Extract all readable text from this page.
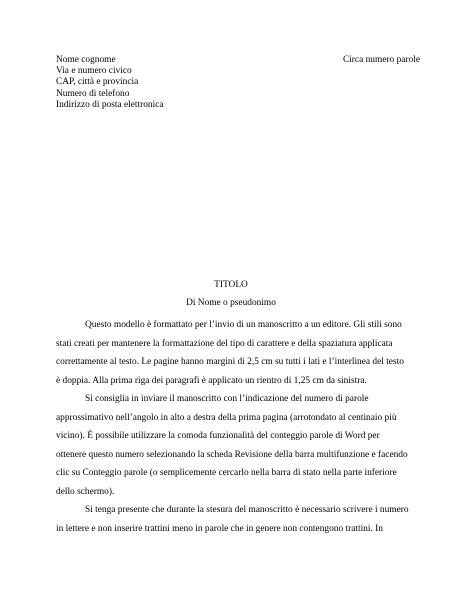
Nome cognome
Via e numero civico
CAP, città e provincia
Numero di telefono
Indirizzo di posta elettronica
Circa numero parole
TITOLO
Di Nome o pseudonimo
Questo modello è formattato per l’invio di un manoscritto a un editore. Gli stili sono
stati creati per mantenere la formattazione del tipo di carattere e della spaziatura applicata
correttamente al testo. Le pagine hanno margini di 2,5 cm su tutti i lati e l’interlinea del testo
è doppia. Alla prima riga dei paragrafi è applicato un rientro di 1,25 cm da sinistra.
Si consiglia in inviare il manoscritto con l’indicazione del numero di parole
approssimativo nell’angolo in alto a destra della prima pagina (arrotondato al centinaio più
vicino). È possibile utilizzare la comoda funzionalità del conteggio parole di Word per
ottenere questo numero selezionando la scheda Revisione della barra multifunzione e facendo
clic su Conteggio parole (o semplicemente cercarlo nella barra di stato nella parte inferiore
dello schermo).
Si tenga presente che durante la stesura del manoscritto è necessario scrivere i numero
in lettere e non inserire trattini meno in parole che in genere non contengono trattini. In
